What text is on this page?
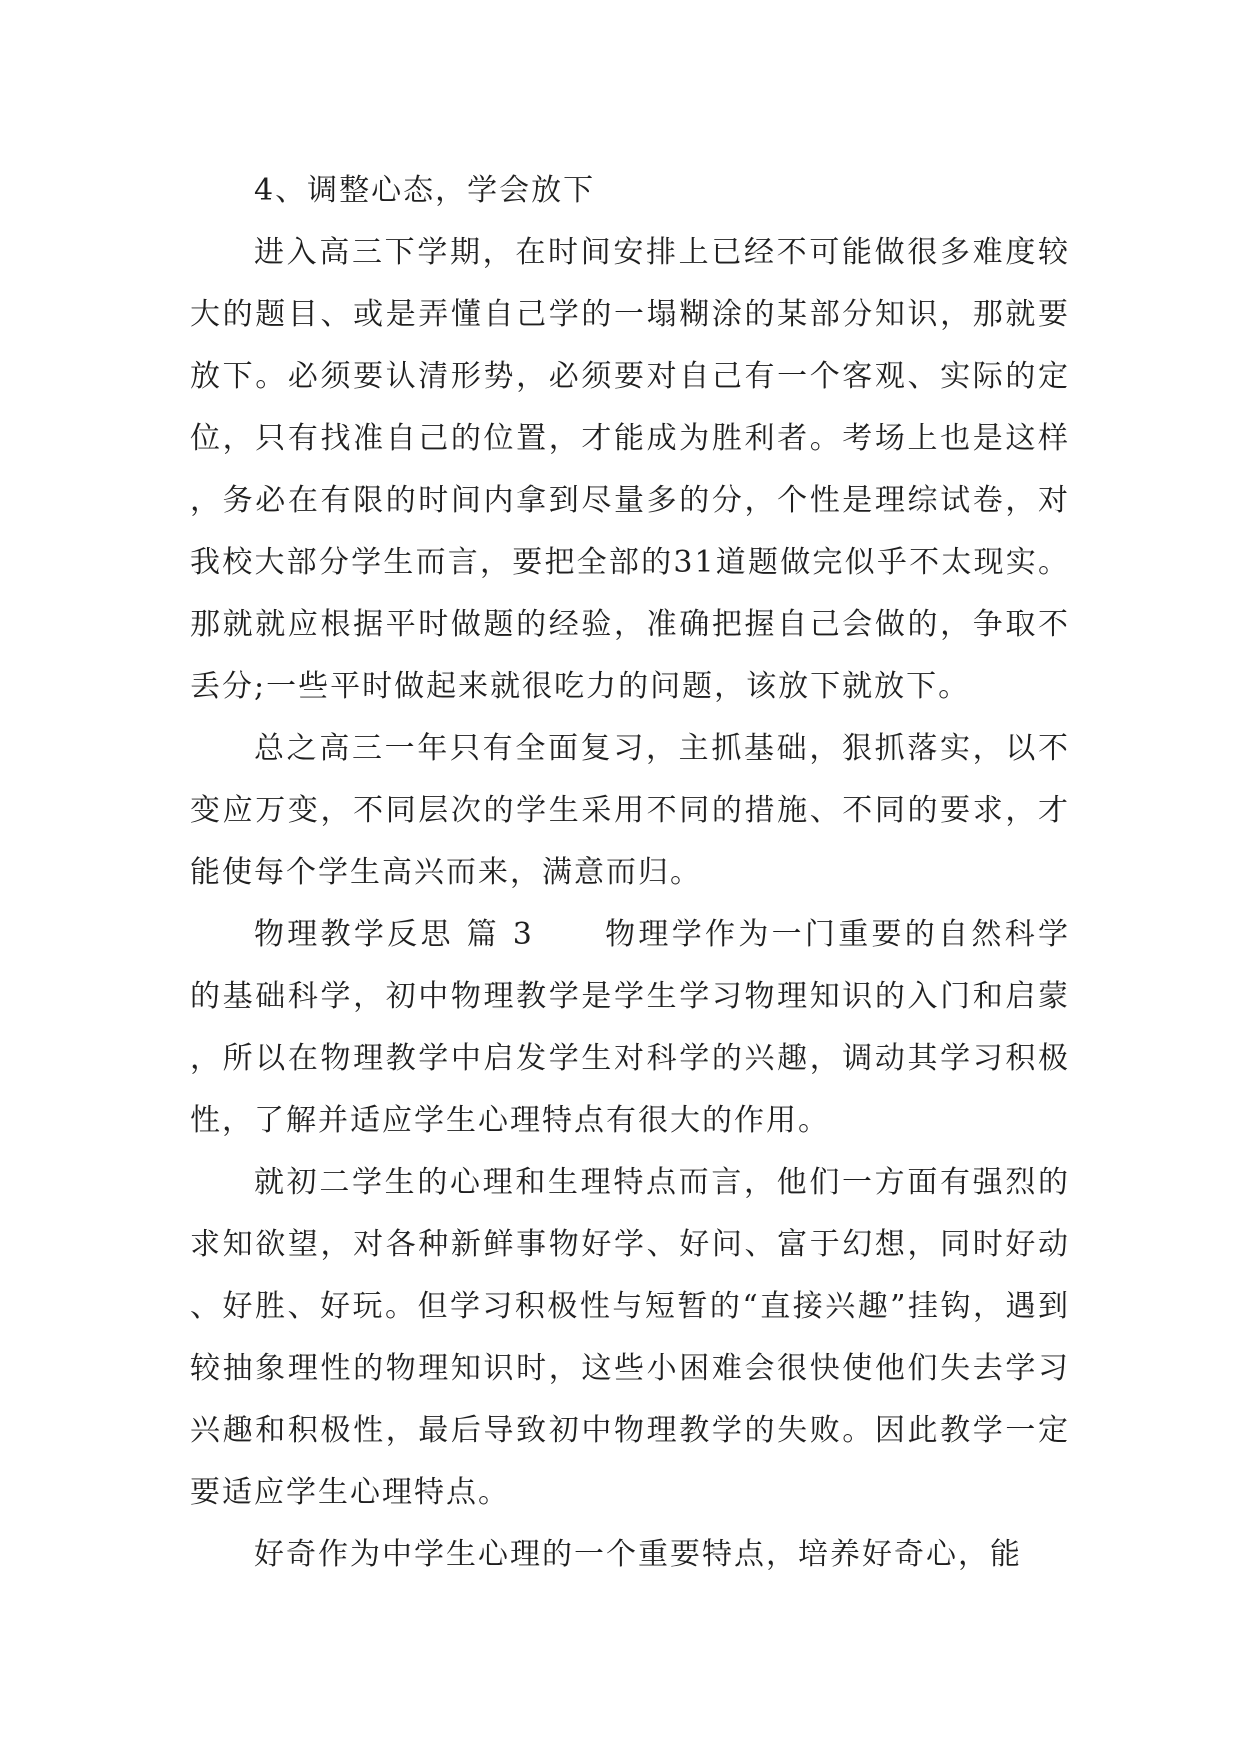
4、调整心态，学会放下

进入高三下学期，在时间安排上已经不可能做很多难度较大的题目、或是弄懂自己学的一塌糊涂的某部分知识，那就要放下。必须要认清形势，必须要对自己有一个客观、实际的定位，只有找准自己的位置，才能成为胜利者。考场上也是这样，务必在有限的时间内拿到尽量多的分，个性是理综试卷，对我校大部分学生而言，要把全部的31道题做完似乎不太现实。那就就应根据平时做题的经验，准确把握自己会做的，争取不丢分;一些平时做起来就很吃力的问题，该放下就放下。

总之高三一年只有全面复习，主抓基础，狠抓落实，以不变应万变，不同层次的学生采用不同的措施、不同的要求，才能使每个学生高兴而来，满意而归。

物理教学反思 篇 3 物理学作为一门重要的自然科学的基础科学，初中物理教学是学生学习物理知识的入门和启蒙，所以在物理教学中启发学生对科学的兴趣，调动其学习积极性，了解并适应学生心理特点有很大的作用。

就初二学生的心理和生理特点而言，他们一方面有强烈的求知欲望，对各种新鲜事物好学、好问、富于幻想，同时好动、好胜、好玩。但学习积极性与短暂的“直接兴趣”挂钩，遇到较抽象理性的物理知识时，这些小困难会很快使他们失去学习兴趣和积极性，最后导致初中物理教学的失败。因此教学一定要适应学生心理特点。

好奇作为中学生心理的一个重要特点，培养好奇心，能
